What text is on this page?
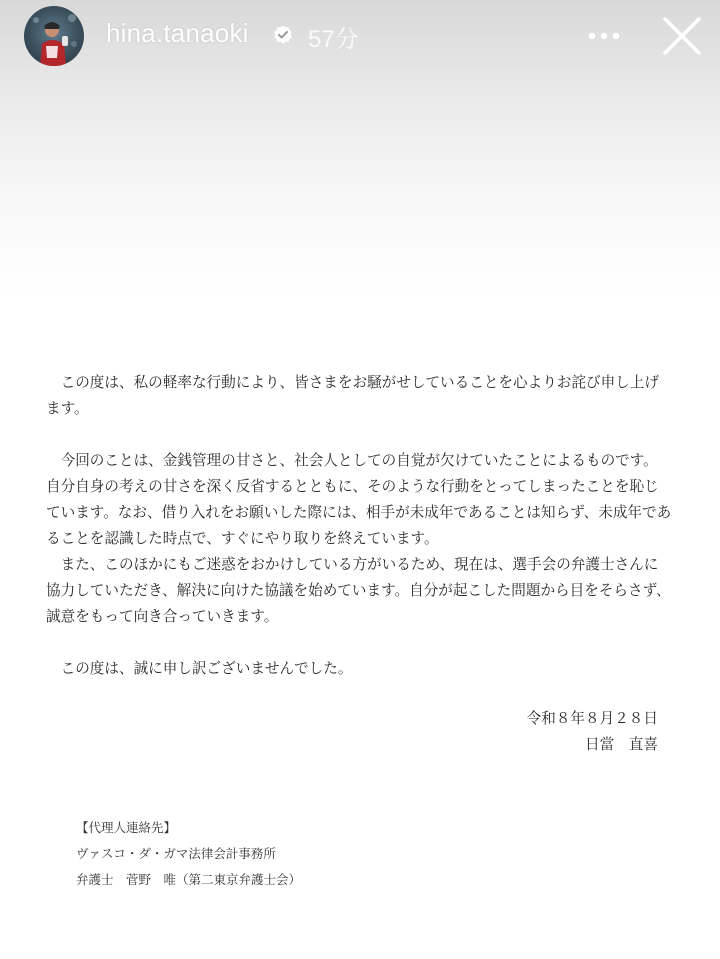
hina.tanaoki 57分

この度は、私の軽率な行動により、皆さまをお騒がせしていることを心よりお詫び申し上げます。

今回のことは、金銭管理の甘さと、社会人としての自覚が欠けていたことによるものです。自分自身の考えの甘さを深く反省するとともに、そのような行動をとってしまったことを恥じています。なお、借り入れをお願いした際には、相手が未成年であることは知らず、未成年であることを認識した時点で、すぐにやり取りを終えています。

また、このほかにもご迷惑をおかけしている方がいるため、現在は、選手会の弁護士さんに協力していただき、解決に向けた協議を始めています。自分が起こした問題から目をそらさず、誠意をもって向き合っていきます。

この度は、誠に申し訳ございませんでした。

令和８年８月２８日
日當　直喜
【代理人連絡先】
ヴァスコ・ダ・ガマ法律会計事務所
弁護士　菅野　唯（第二東京弁護士会）
